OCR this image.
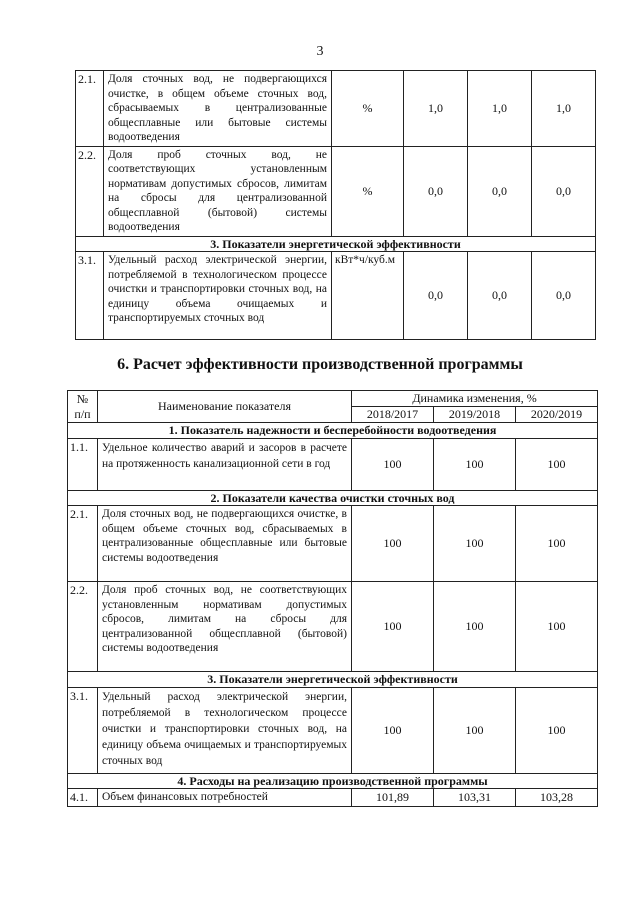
3
2.1.	Доля сточных вод, не подвергающихся очистке, в общем объеме сточных вод, сбрасываемых в централизованные общесплавные или бытовые системы водоотведения	%	1,0	1,0	1,0
2.2.	Доля проб сточных вод, не соответствующих установленным нормативам допустимых сбросов, лимитам на сбросы для централизованной общесплавной (бытовой) системы водоотведения	%	0,0	0,0	0,0
3. Показатели энергетической эффективности					
3.1.	Удельный расход электрической энергии, потребляемой в технологическом процессе очистки и транспортировки сточных вод, на единицу объема очищаемых и транспортируемых сточных вод	кВт*ч/куб.м	0,0	0,0	0,0
6. Расчет эффективности производственной программы
№ п/п	Наименование показателя	Динамика изменения, %		
		2018/2017	2019/2018	2020/2019
1. Показатель надежности и бесперебойности водоотведения				
1.1.	Удельное количество аварий и засоров в расчете на протяженность канализационной сети в год	100	100	100
2. Показатели качества очистки сточных вод				
2.1.	Доля сточных вод, не подвергающихся очистке, в общем объеме сточных вод, сбрасываемых в централизованные общесплавные или бытовые системы водоотведения	100	100	100
2.2.	Доля проб сточных вод, не соответствующих установленным нормативам допустимых сбросов, лимитам на сбросы для централизованной общесплавной (бытовой) системы водоотведения	100	100	100
3. Показатели энергетической эффективности				
3.1.	Удельный расход электрической энергии, потребляемой в технологическом процессе очистки и транспортировки сточных вод, на единицу объема очищаемых и транспортируемых сточных вод	100	100	100
4. Расходы на реализацию производственной программы				
4.1.	Объем финансовых потребностей	101,89	103,31	103,28
